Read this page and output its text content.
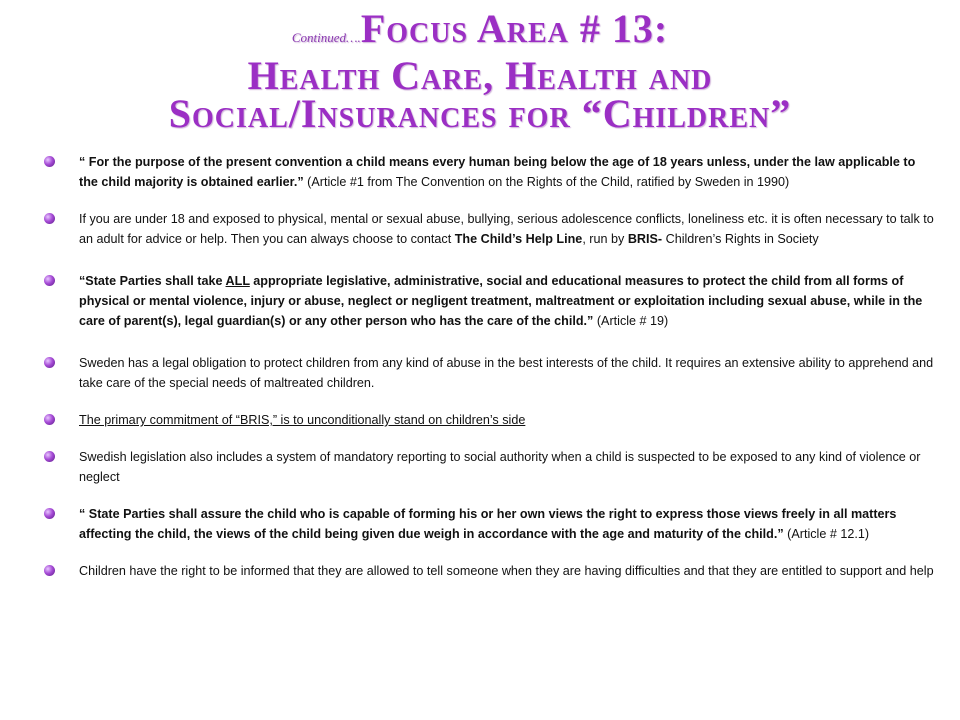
Continued….Focus Area # 13:
Health Care, Health and
Social/Insurances for “Children”
“ For the purpose of the present convention a child means every human being below the age of 18 years unless, under the law applicable to the child majority is obtained earlier.” (Article #1 from The Convention on the Rights of the Child, ratified by Sweden in 1990)
If you are under 18 and exposed to physical, mental or sexual abuse, bullying, serious adolescence conflicts, loneliness etc. it is often necessary to talk to an adult for advice or help. Then you can always choose to contact The Child’s Help Line, run by BRIS- Children’s Rights in Society
“State Parties shall take ALL appropriate legislative, administrative, social and educational measures to protect the child from all forms of physical or mental violence, injury or abuse, neglect or negligent treatment, maltreatment or exploitation including sexual abuse, while in the care of parent(s), legal guardian(s) or any other person who has the care of the child.” (Article # 19)
Sweden has a legal obligation to protect children from any kind of abuse in the best interests of the child. It requires an extensive ability to apprehend and take care of the special needs of maltreated children.
The primary commitment of “BRIS,” is to unconditionally stand on children’s side
Swedish legislation also includes a system of mandatory reporting to social authority when a child is suspected to be exposed to any kind of violence or neglect
“ State Parties shall assure the child who is capable of forming his or her own views the right to express those views freely in all matters affecting the child, the views of the child being given due weigh in accordance with the age and maturity of the child.” (Article # 12.1)
Children have the right to be informed that they are allowed to tell someone when they are having difficulties and that they are entitled to support and help
